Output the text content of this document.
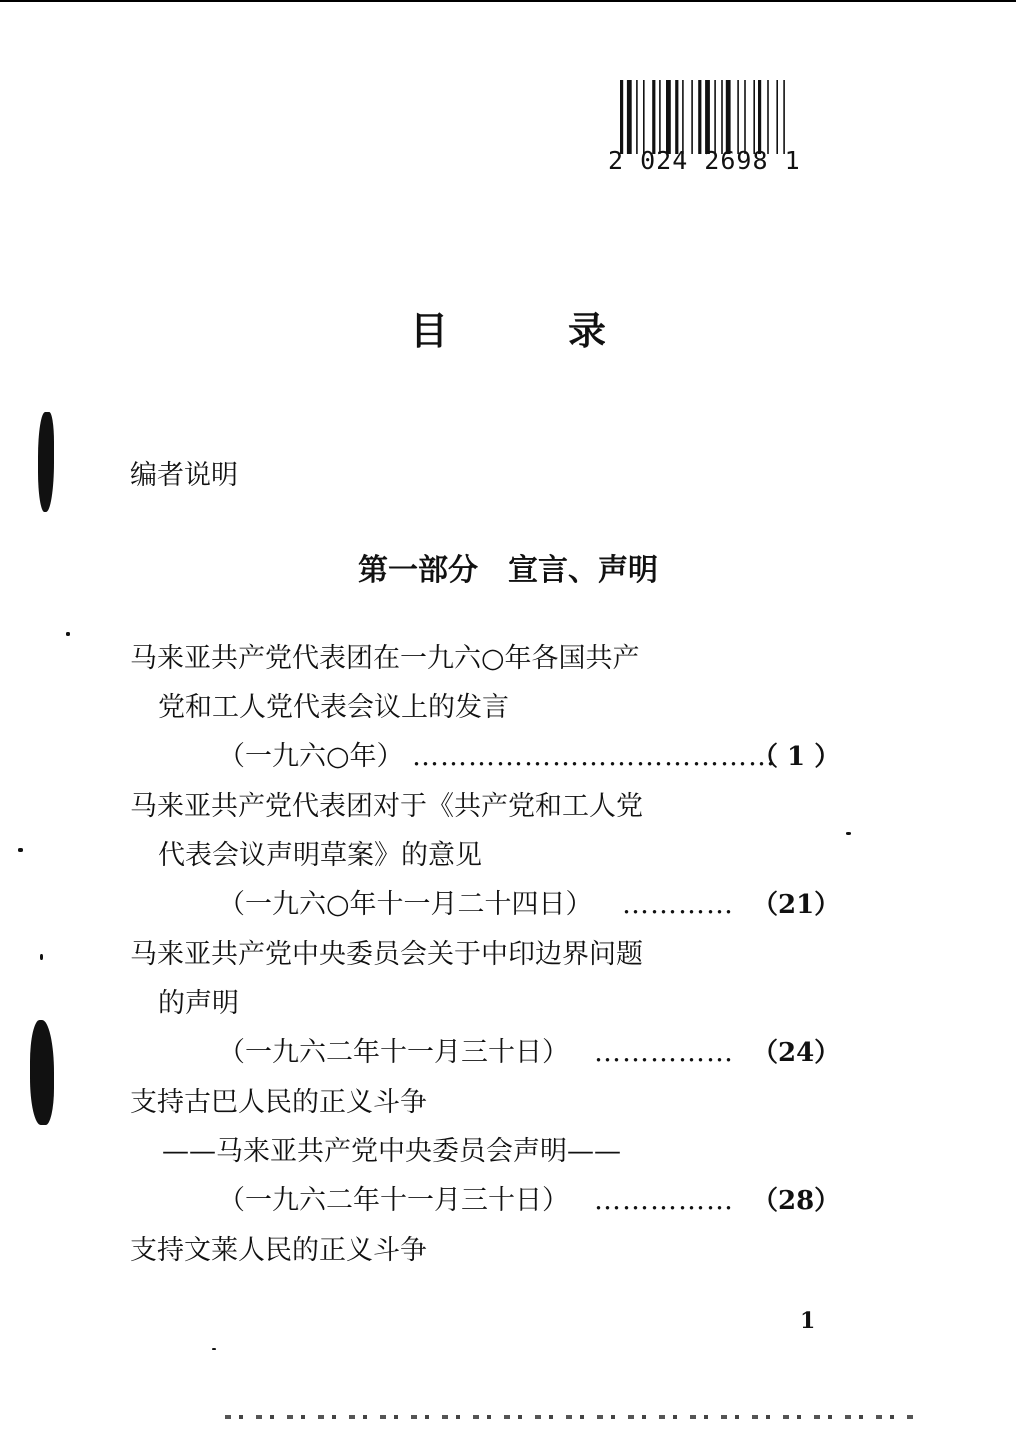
2 024 2698 1
目	录
编者说明
第一部分　宣言、声明
马来亚共产党代表团在一九六○年各国共产
党和工人党代表会议上的发言
（一九六○年） …………………………………
（ 1 ）
马来亚共产党代表团对于《共产党和工人党
代表会议声明草案》的意见
（一九六○年十一月二十四日） ………… （21）
马来亚共产党中央委员会关于中印边界问题
的声明
（一九六二年十一月三十日） …………… （24）
支持古巴人民的正义斗争
——马来亚共产党中央委员会声明——
（一九六二年十一月三十日） …………… （28）
支持文莱人民的正义斗争
1
